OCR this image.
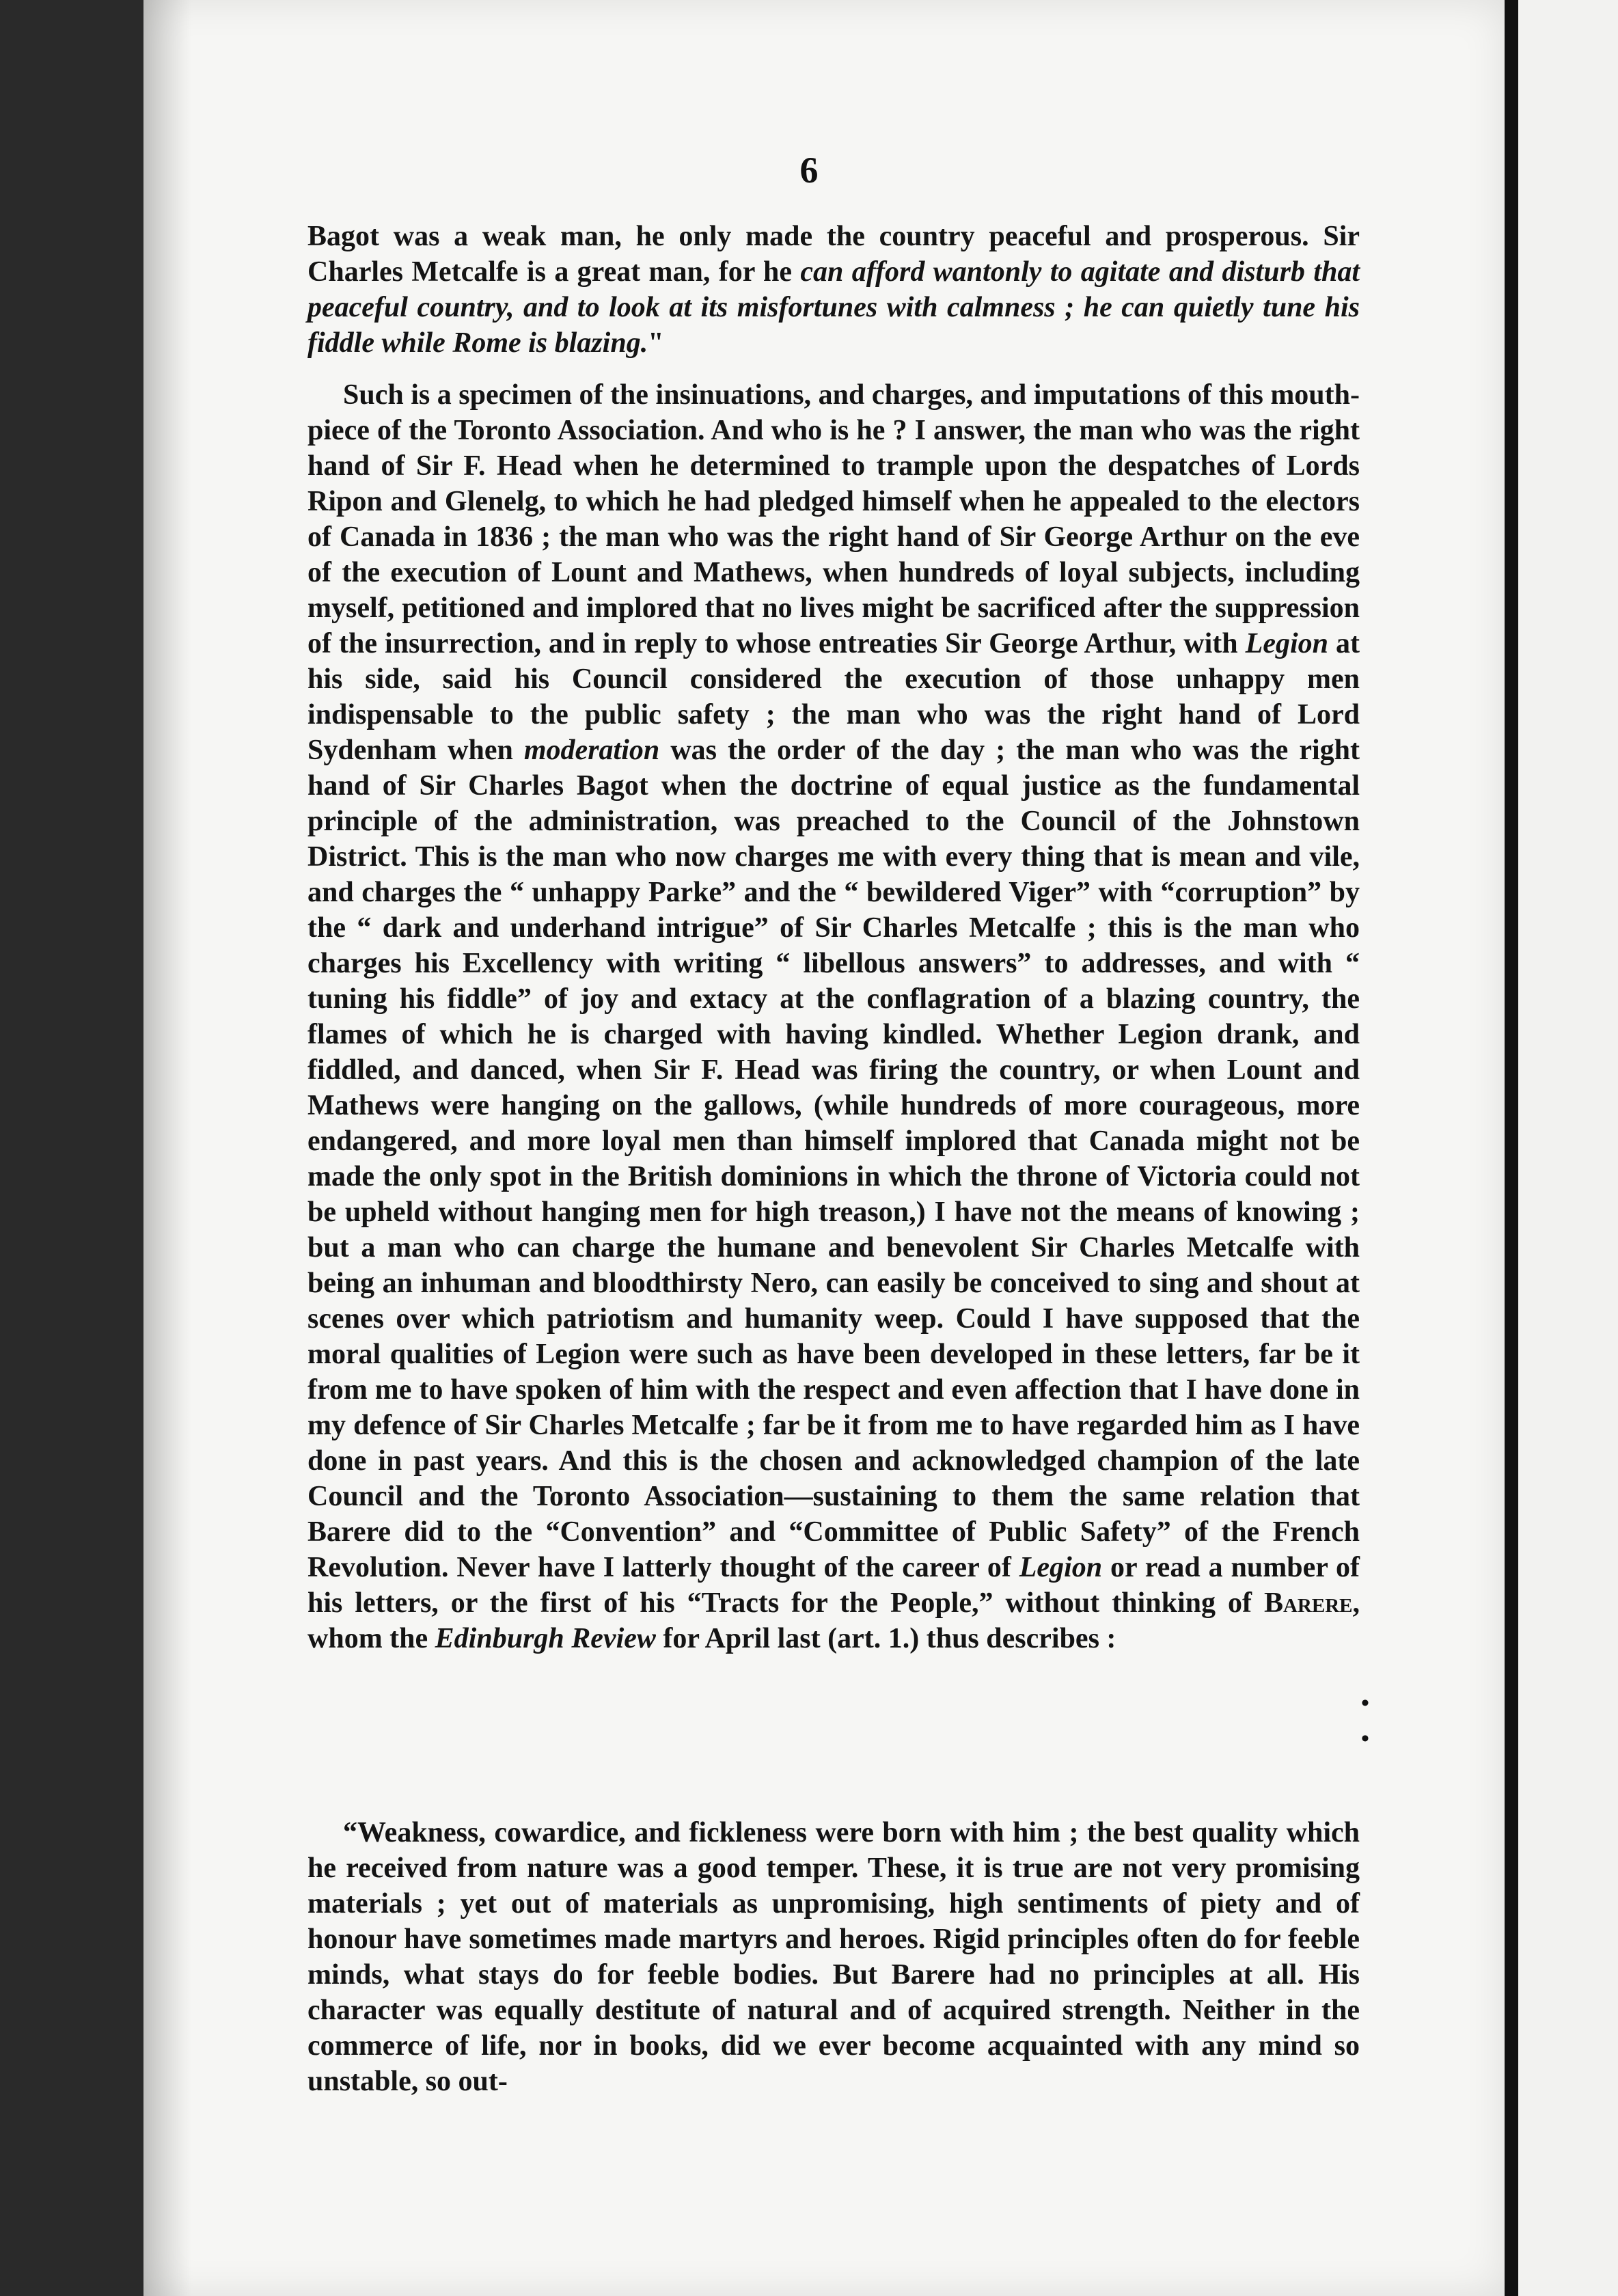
6

Bagot was a weak man, he only made the country peaceful and prosperous. Sir Charles Metcalfe is a great man, for he can afford wantonly to agitate and disturb that peaceful country, and to look at its misfortunes with calmness ; he can quietly tune his fiddle while Rome is blazing."

Such is a specimen of the insinuations, and charges, and imputations of this mouth-piece of the Toronto Association. And who is he ? I answer, the man who was the right hand of Sir F. Head when he determined to trample upon the despatches of Lords Ripon and Glenelg, to which he had pledged himself when he appealed to the electors of Canada in 1836 ; the man who was the right hand of Sir George Arthur on the eve of the execution of Lount and Mathews, when hundreds of loyal subjects, including myself, petitioned and implored that no lives might be sacrificed after the suppression of the insurrection, and in reply to whose entreaties Sir George Arthur, with Legion at his side, said his Council considered the execution of those unhappy men indispensable to the public safety ; the man who was the right hand of Lord Sydenham when moderation was the order of the day ; the man who was the right hand of Sir Charles Bagot when the doctrine of equal justice as the fundamental principle of the administration, was preached to the Council of the Johnstown District. This is the man who now charges me with every thing that is mean and vile, and charges the “ unhappy Parke” and the “ bewildered Viger” with “corruption” by the “ dark and underhand intrigue” of Sir Charles Metcalfe ; this is the man who charges his Excellency with writing “ libellous answers” to addresses, and with “ tuning his fiddle” of joy and extacy at the conflagration of a blazing country, the flames of which he is charged with having kindled. Whether Legion drank, and fiddled, and danced, when Sir F. Head was firing the country, or when Lount and Mathews were hanging on the gallows, (while hundreds of more courageous, more endangered, and more loyal men than himself implored that Canada might not be made the only spot in the British dominions in which the throne of Victoria could not be upheld without hanging men for high treason,) I have not the means of knowing ; but a man who can charge the humane and benevolent Sir Charles Metcalfe with being an inhuman and bloodthirsty Nero, can easily be conceived to sing and shout at scenes over which patriotism and humanity weep. Could I have supposed that the moral qualities of Legion were such as have been developed in these letters, far be it from me to have spoken of him with the respect and even affection that I have done in my defence of Sir Charles Metcalfe ; far be it from me to have regarded him as I have done in past years. And this is the chosen and acknowledged champion of the late Council and the Toronto Association—sustaining to them the same relation that Barere did to the “Convention” and “Committee of Public Safety” of the French Revolution. Never have I latterly thought of the career of Legion or read a number of his letters, or the first of his “Tracts for the People,” without thinking of Barere, whom the Edinburgh Review for April last (art. 1.) thus describes :

“Weakness, cowardice, and fickleness were born with him ; the best quality which he received from nature was a good temper. These, it is true are not very promising materials ; yet out of materials as unpromising, high sentiments of piety and of honour have sometimes made martyrs and heroes. Rigid principles often do for feeble minds, what stays do for feeble bodies. But Barere had no principles at all. His character was equally destitute of natural and of acquired strength. Neither in the commerce of life, nor in books, did we ever become acquainted with any mind so unstable, so out-

•
•
